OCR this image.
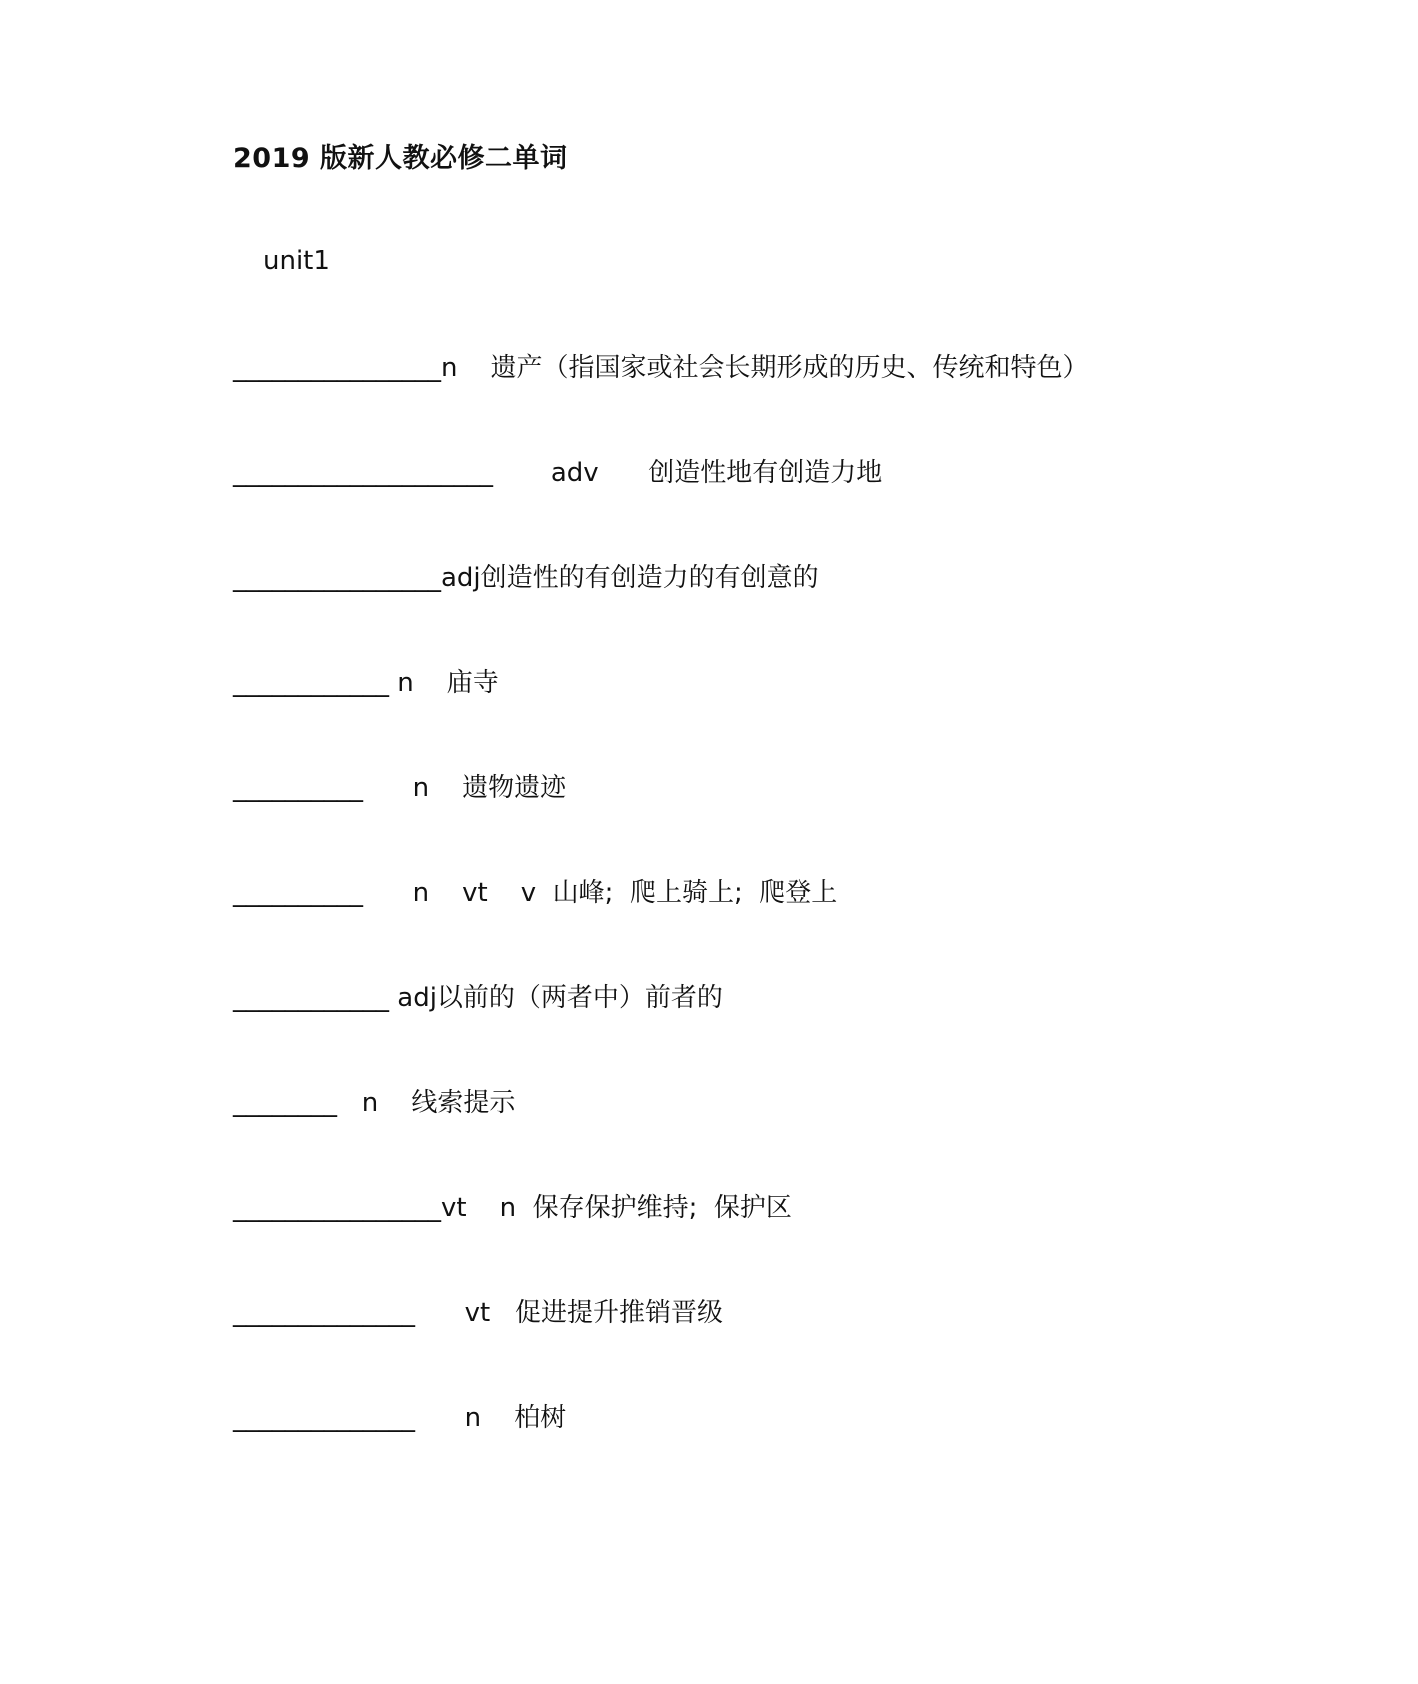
2019 版新人教必修二单词
unit1
________________n    遗产（指国家或社会长期形成的历史、传统和特色）
____________________       adv      创造性地有创造力地
________________adj创造性的有创造力的有创意的
____________ n    庙寺
__________      n    遗物遗迹
__________      n    vt    v  山峰;  爬上骑上;  爬登上
____________ adj以前的（两者中）前者的
________   n    线索提示
________________vt    n  保存保护维持;  保护区
______________      vt   促进提升推销晋级
______________      n    柏树
